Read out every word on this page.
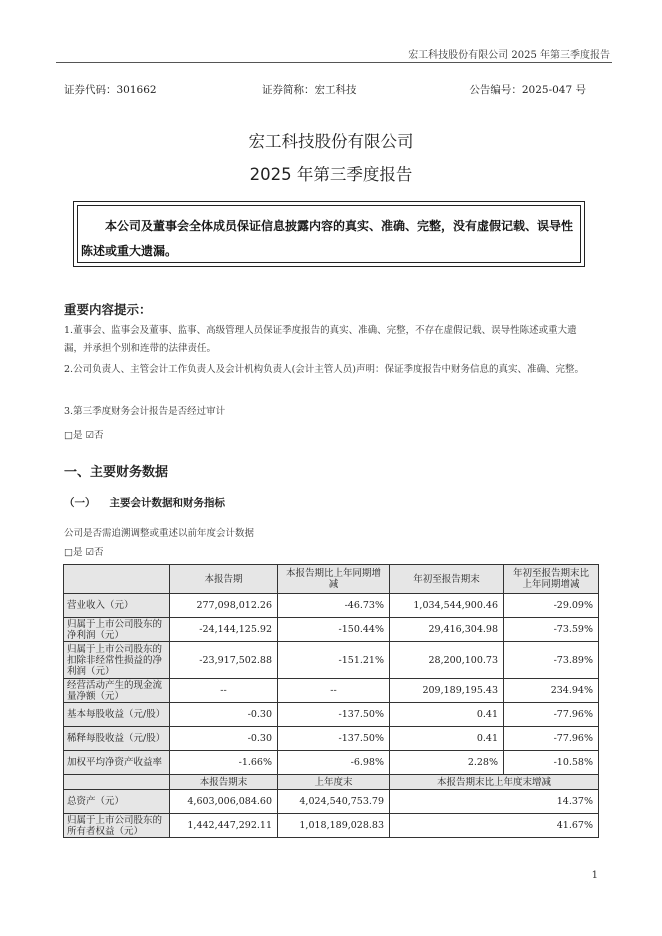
宏工科技股份有限公司 2025 年第三季度报告
证券代码：301662	证券简称：宏工科技	公告编号：2025-047 号
宏工科技股份有限公司
2025 年第三季度报告
本公司及董事会全体成员保证信息披露内容的真实、准确、完整，没有虚假记载、误导性陈述或重大遗漏。
重要内容提示：
1.董事会、监事会及董事、监事、高级管理人员保证季度报告的真实、准确、完整，不存在虚假记载、误导性陈述或重大遗漏，并承担个别和连带的法律责任。
2.公司负责人、主管会计工作负责人及会计机构负责人(会计主管人员)声明：保证季度报告中财务信息的真实、准确、完整。
3.第三季度财务会计报告是否经过审计
□是 ☑否
一、主要财务数据
（一） 主要会计数据和财务指标
公司是否需追溯调整或重述以前年度会计数据
□是 ☑否
	本报告期	本报告期比上年同期增减	年初至报告期末	年初至报告期末比上年同期增减
营业收入（元）	277,098,012.26	-46.73%	1,034,544,900.46	-29.09%
归属于上市公司股东的净利润（元）	-24,144,125.92	-150.44%	29,416,304.98	-73.59%
归属于上市公司股东的扣除非经常性损益的净利润（元）	-23,917,502.88	-151.21%	28,200,100.73	-73.89%
经营活动产生的现金流量净额（元）	--	--	209,189,195.43	234.94%
基本每股收益（元/股）	-0.30	-137.50%	0.41	-77.96%
稀释每股收益（元/股）	-0.30	-137.50%	0.41	-77.96%
加权平均净资产收益率	-1.66%	-6.98%	2.28%	-10.58%
	本报告期末	上年度末	本报告期末比上年度末增减	
总资产（元）	4,603,006,084.60	4,024,540,753.79	14.37%	
归属于上市公司股东的所有者权益（元）	1,442,447,292.11	1,018,189,028.83	41.67%	
1
